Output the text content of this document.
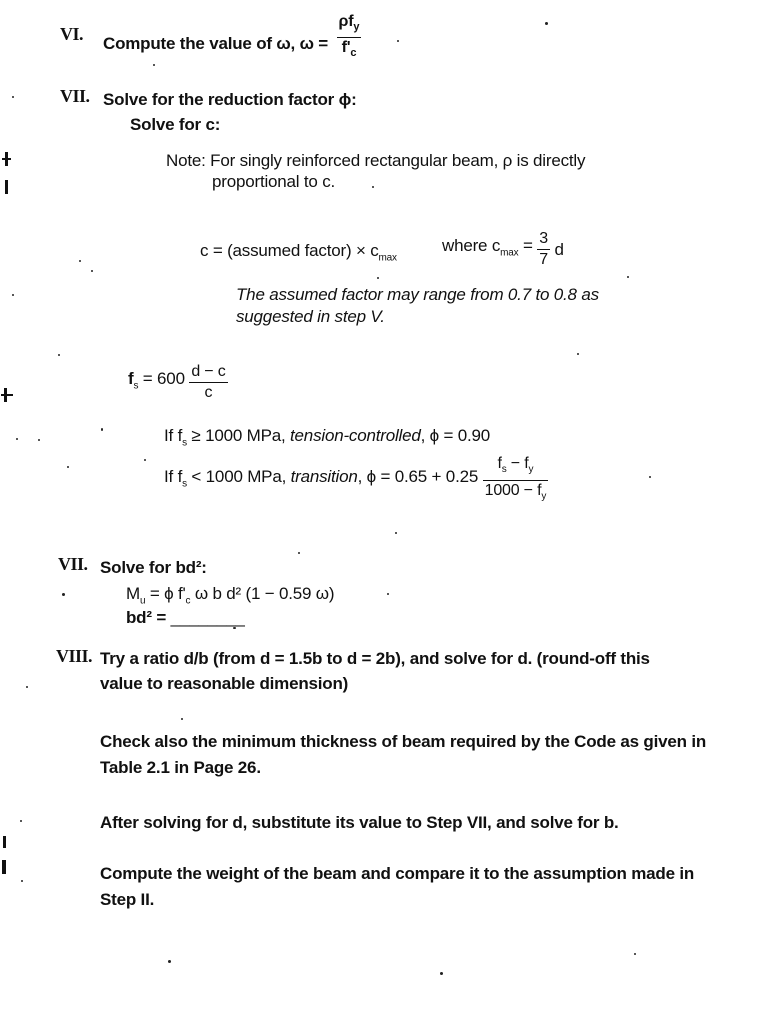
VI. Compute the value of ω, $\omega = \frac{\rho f_y}{f'_c}$
VII. Solve for the reduction factor ϕ:
Solve for c:
Note: For singly reinforced rectangular beam, ρ is directly
proportional to c.
c = (assumed factor) × $c_{max}$
where $c_{max} = \frac{3}{7}$ d
The assumed factor may range from 0.7 to 0.8 as
suggested in step V.
$f_s = 600 \frac{d - c}{c}$
If $f_s \ge 1000$ MPa, tension-controlled, ϕ = 0.90
If $f_s < 1000$ MPa, transition, $\phi = 0.65 + 0.25 \frac{f_s - f_y}{1000 - f_y}$
VII. Solve for bd²:
$M_u = \phi$ $f'_c$ ω b d² (1 − 0.59 ω)
bd² = ________
VIII. Try a ratio d/b (from d = 1.5b to d = 2b), and solve for d. (round-off this
value to reasonable dimension)
Check also the minimum thickness of beam required by the Code as given in
Table 2.1 in Page 26.
After solving for d, substitute its value to Step VII, and solve for b.
Compute the weight of the beam and compare it to the assumption made in
Step II.
